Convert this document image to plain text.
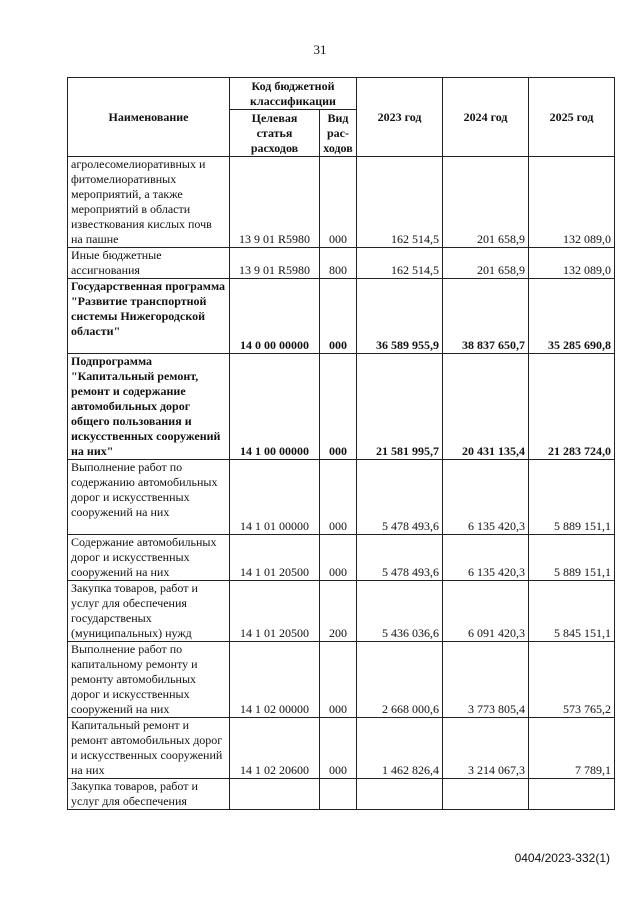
31
Наименование	Код бюджетной классификации		2023 год	2024 год	2025 год
	Целевая статья расходов	Вид рас- ходов			
агролесомелиоративных и фитомелиоративных мероприятий, а также мероприятий в области известкования кислых почв на пашне	13 9 01 R5980	000	162 514,5	201 658,9	132 089,0
Иные бюджетные ассигнования	13 9 01 R5980	800	162 514,5	201 658,9	132 089,0
Государственная программа "Развитие транспортной системы Нижегородской области"	14 0 00 00000	000	36 589 955,9	38 837 650,7	35 285 690,8
Подпрограмма "Капитальный ремонт, ремонт и содержание автомобильных дорог общего пользования и искусственных сооружений на них"	14 1 00 00000	000	21 581 995,7	20 431 135,4	21 283 724,0
Выполнение работ по содержанию автомобильных дорог и искусственных сооружений на них	14 1 01 00000	000	5 478 493,6	6 135 420,3	5 889 151,1
Содержание автомобильных дорог и искусственных сооружений на них	14 1 01 20500	000	5 478 493,6	6 135 420,3	5 889 151,1
Закупка товаров, работ и услуг для обеспечения государственых (муниципальных) нужд	14 1 01 20500	200	5 436 036,6	6 091 420,3	5 845 151,1
Выполнение работ по капитальному ремонту и ремонту автомобильных дорог и искусственных сооружений на них	14 1 02 00000	000	2 668 000,6	3 773 805,4	573 765,2
Капитальный ремонт и ремонт автомобильных дорог и искусственных сооружений на них	14 1 02 20600	000	1 462 826,4	3 214 067,3	7 789,1
Закупка товаров, работ и услуг для обеспечения					
0404/2023-332(1)
